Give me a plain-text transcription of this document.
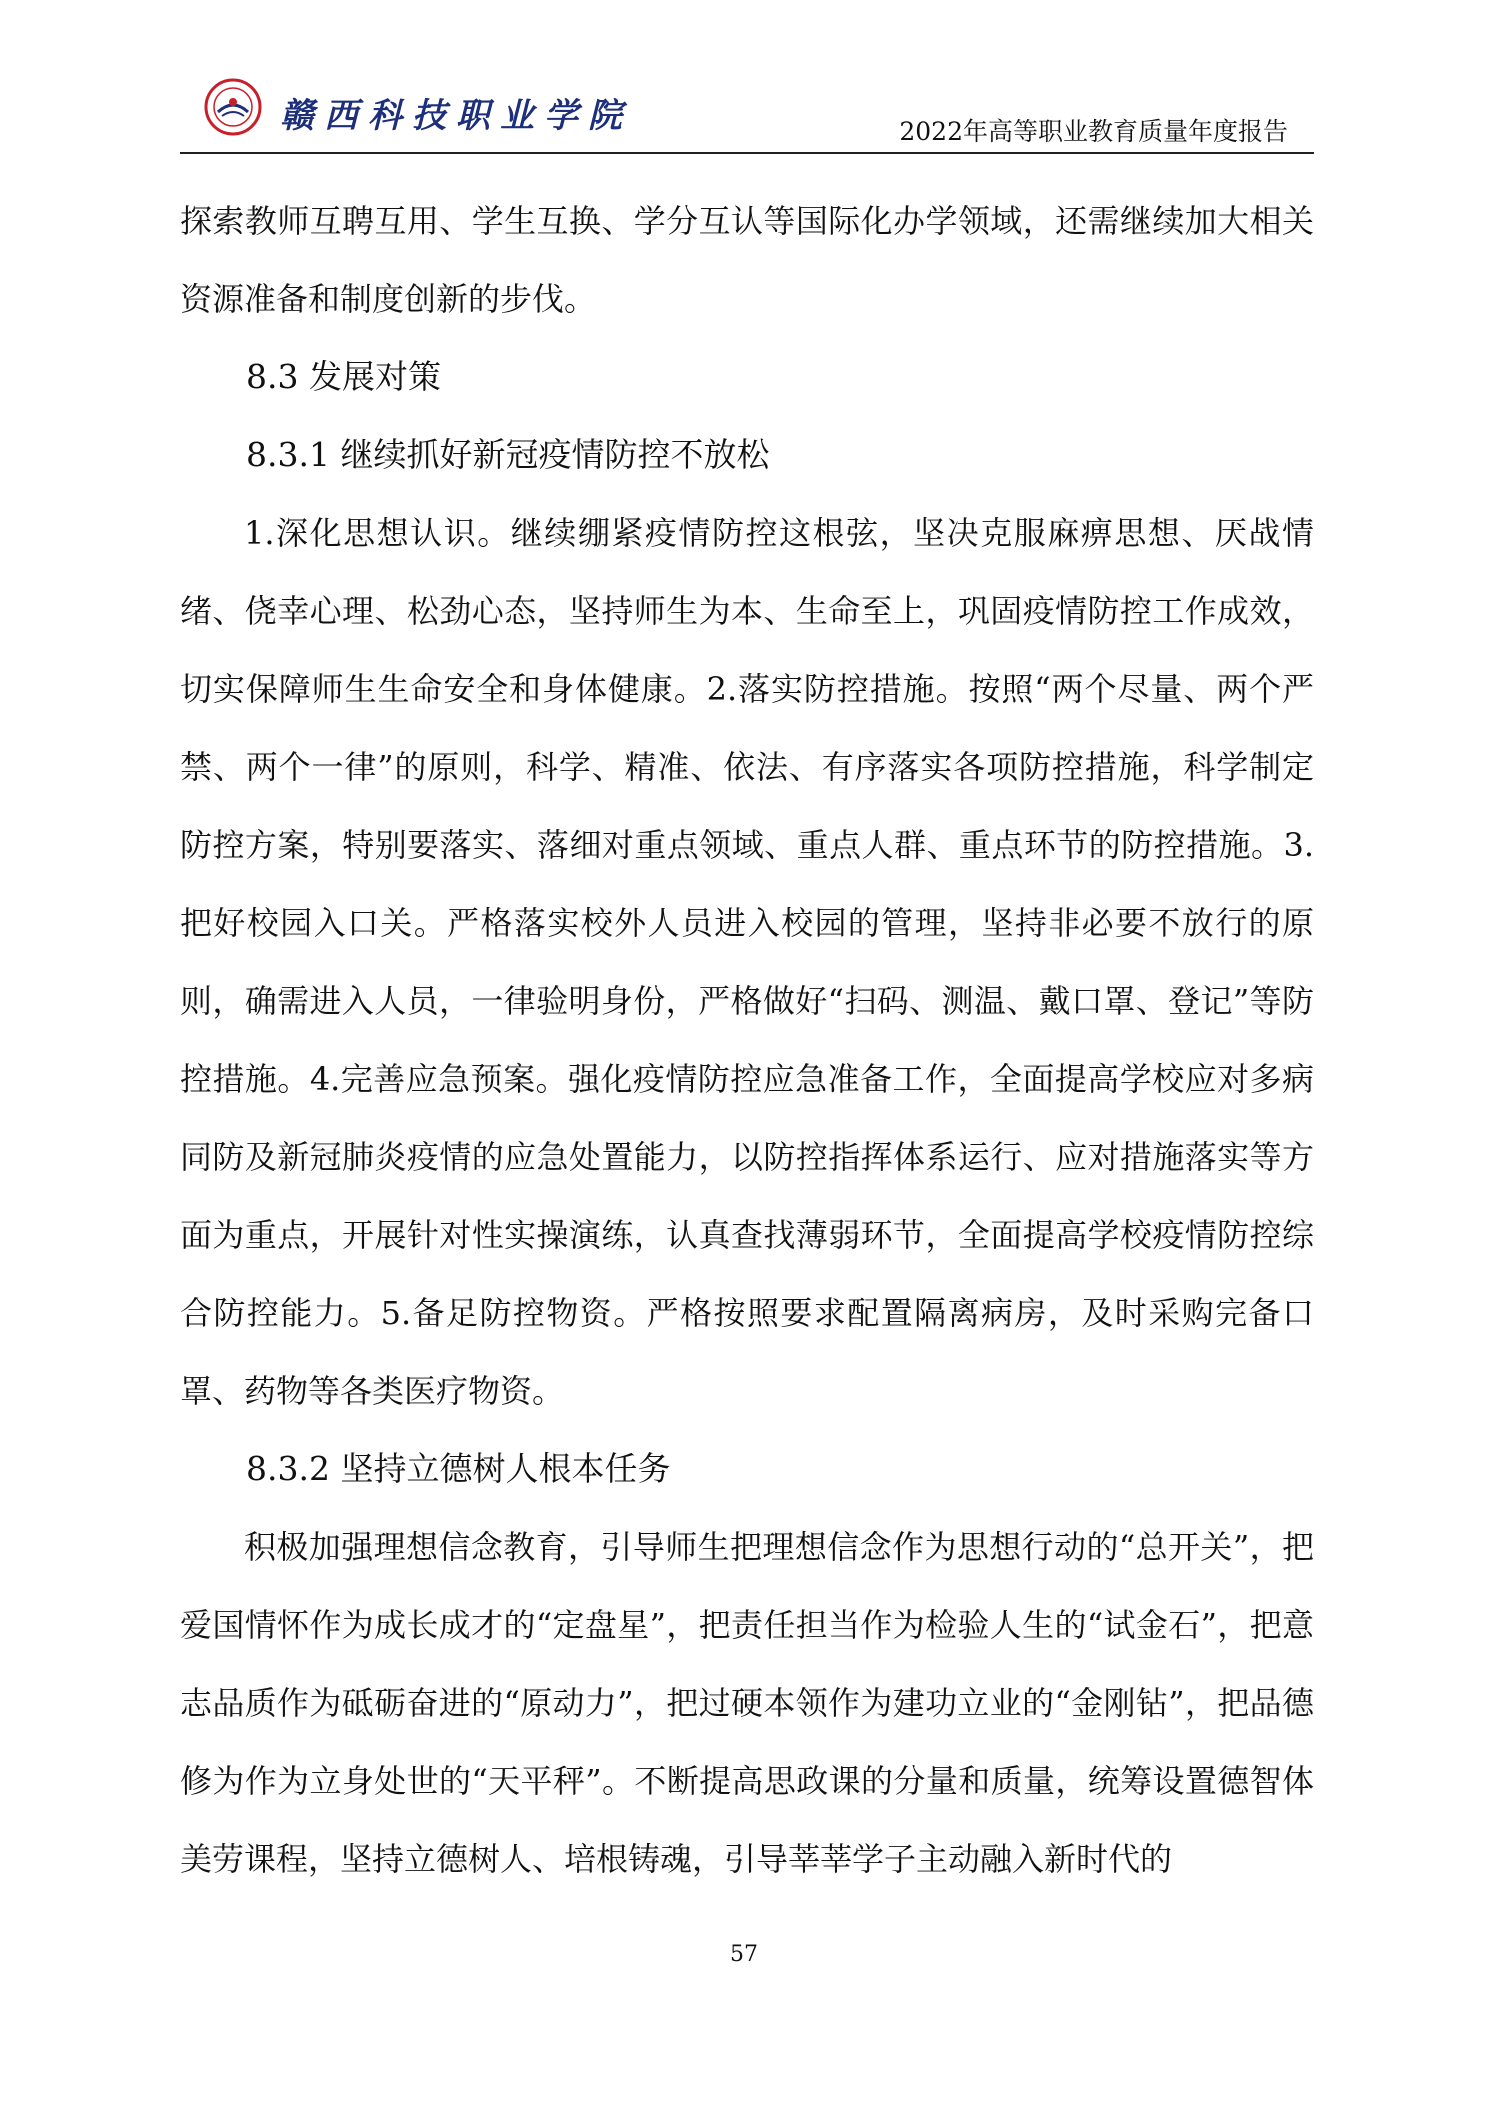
赣西科技职业学院	2022年高等职业教育质量年度报告

探索教师互聘互用、学生互换、学分互认等国际化办学领域，还需继续加大相关资源准备和制度创新的步伐。

8.3 发展对策

8.3.1 继续抓好新冠疫情防控不放松

1.深化思想认识。继续绷紧疫情防控这根弦，坚决克服麻痹思想、厌战情绪、侥幸心理、松劲心态，坚持师生为本、生命至上，巩固疫情防控工作成效，切实保障师生生命安全和身体健康。2.落实防控措施。按照“两个尽量、两个严禁、两个一律”的原则，科学、精准、依法、有序落实各项防控措施，科学制定防控方案，特别要落实、落细对重点领域、重点人群、重点环节的防控措施。3.把好校园入口关。严格落实校外人员进入校园的管理，坚持非必要不放行的原则，确需进入人员，一律验明身份，严格做好“扫码、测温、戴口罩、登记”等防控措施。4.完善应急预案。强化疫情防控应急准备工作，全面提高学校应对多病同防及新冠肺炎疫情的应急处置能力，以防控指挥体系运行、应对措施落实等方面为重点，开展针对性实操演练，认真查找薄弱环节，全面提高学校疫情防控综合防控能力。5.备足防控物资。严格按照要求配置隔离病房，及时采购完备口罩、药物等各类医疗物资。

8.3.2 坚持立德树人根本任务

积极加强理想信念教育，引导师生把理想信念作为思想行动的“总开关”，把爱国情怀作为成长成才的“定盘星”，把责任担当作为检验人生的“试金石”，把意志品质作为砥砺奋进的“原动力”，把过硬本领作为建功立业的“金刚钻”，把品德修为作为立身处世的“天平秤”。不断提高思政课的分量和质量，统筹设置德智体美劳课程，坚持立德树人、培根铸魂，引导莘莘学子主动融入新时代的

57
